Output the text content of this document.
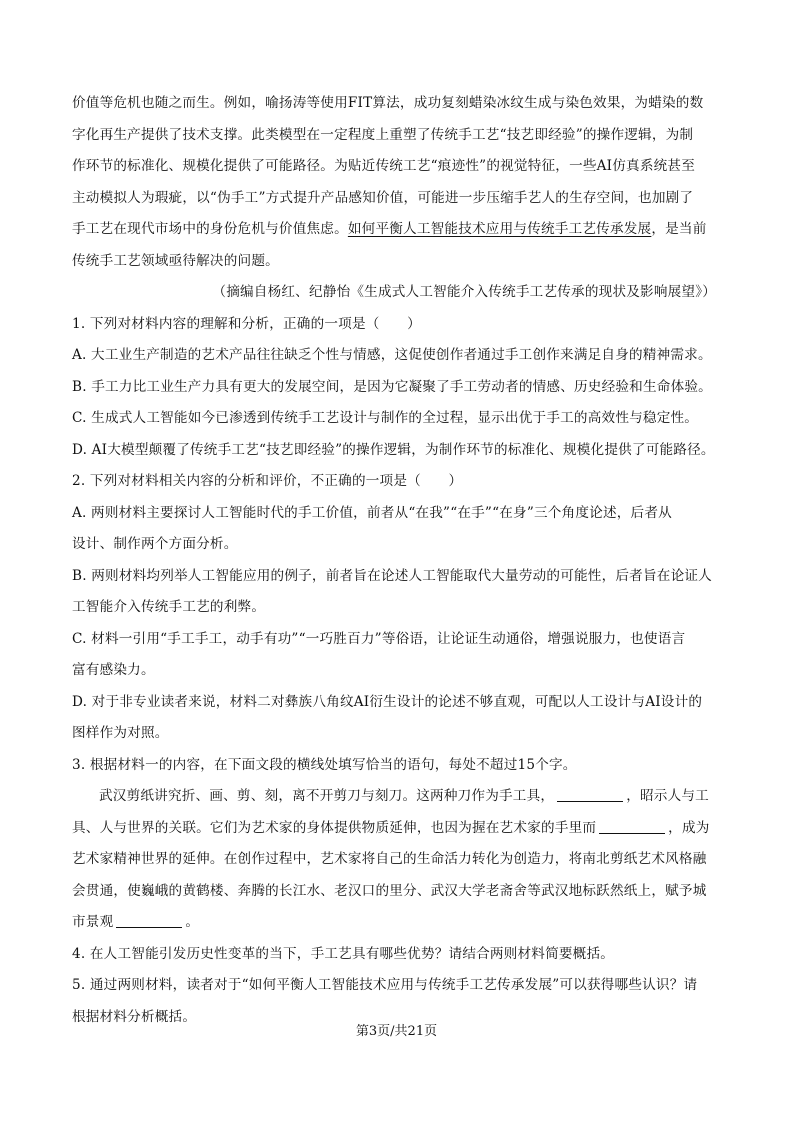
价值等危机也随之而生。例如，喻扬涛等使用FIT算法，成功复刻蜡染冰纹生成与染色效果，为蜡染的数

字化再生产提供了技术支撑。此类模型在一定程度上重塑了传统手工艺“技艺即经验”的操作逻辑，为制

作环节的标准化、规模化提供了可能路径。为贴近传统工艺“痕迹性”的视觉特征，一些AI仿真系统甚至

主动模拟人为瑕疵，以“伪手工”方式提升产品感知价值，可能进一步压缩手艺人的生存空间，也加剧了

手工艺在现代市场中的身份危机与价值焦虑。如何平衡人工智能技术应用与传统手工艺传承发展，是当前

传统手工艺领域亟待解决的问题。

（摘编自杨红、纪静怡《生成式人工智能介入传统手工艺传承的现状及影响展望》）

1. 下列对材料内容的理解和分析，正确的一项是（　　）

A. 大工业生产制造的艺术产品往往缺乏个性与情感，这促使创作者通过手工创作来满足自身的精神需求。

B. 手工力比工业生产力具有更大的发展空间，是因为它凝聚了手工劳动者的情感、历史经验和生命体验。

C. 生成式人工智能如今已渗透到传统手工艺设计与制作的全过程，显示出优于手工的高效性与稳定性。

D. AI大模型颠覆了传统手工艺“技艺即经验”的操作逻辑，为制作环节的标准化、规模化提供了可能路径。

2. 下列对材料相关内容的分析和评价，不正确的一项是（　　）

A. 两则材料主要探讨人工智能时代的手工价值，前者从“在我”“在手”“在身”三个角度论述，后者从

设计、制作两个方面分析。

B. 两则材料均列举人工智能应用的例子，前者旨在论述人工智能取代大量劳动的可能性，后者旨在论证人

工智能介入传统手工艺的利弊。

C. 材料一引用“手工手工，动手有功”“一巧胜百力”等俗语，让论证生动通俗，增强说服力，也使语言

富有感染力。

D. 对于非专业读者来说，材料二对彝族八角纹AI衍生设计的论述不够直观，可配以人工设计与AI设计的

图样作为对照。

3. 根据材料一的内容，在下面文段的横线处填写恰当的语句，每处不超过15个字。

武汉剪纸讲究折、画、剪、刻，离不开剪刀与刻刀。这两种刀作为手工具，	，昭示人与工

具、人与世界的关联。它们为艺术家的身体提供物质延伸，也因为握在艺术家的手里而	，成为

艺术家精神世界的延伸。在创作过程中，艺术家将自己的生命活力转化为创造力，将南北剪纸艺术风格融

会贯通，使巍峨的黄鹤楼、奔腾的长江水、老汉口的里分、武汉大学老斋舍等武汉地标跃然纸上，赋予城

市景观	。

4. 在人工智能引发历史性变革的当下，手工艺具有哪些优势？请结合两则材料简要概括。

5. 通过两则材料，读者对于“如何平衡人工智能技术应用与传统手工艺传承发展”可以获得哪些认识？请

根据材料分析概括。

第3页/共21页
